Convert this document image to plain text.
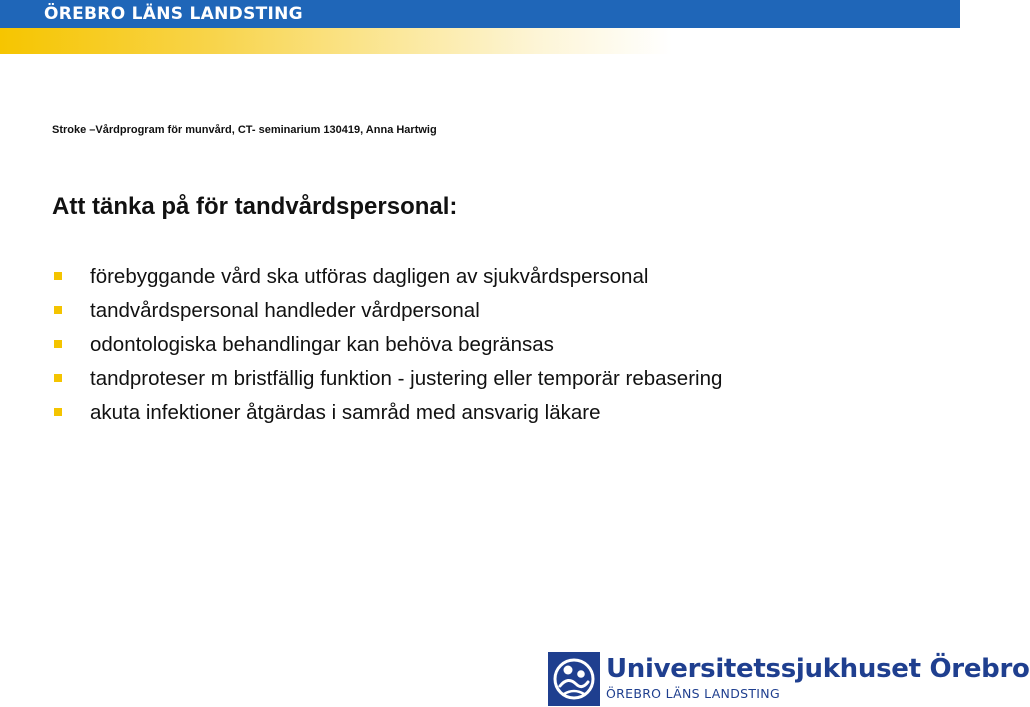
ÖREBRO LÄNS LANDSTING
Stroke –Vårdprogram för munvård, CT- seminarium 130419, Anna Hartwig
Att tänka på för tandvårdspersonal:
förebyggande vård ska utföras dagligen av sjukvårdspersonal
tandvårdspersonal handleder vårdpersonal
odontologiska behandlingar kan behöva begränsas
tandproteser m bristfällig funktion - justering eller temporär rebasering
akuta infektioner åtgärdas i samråd med ansvarig läkare
Universitetssjukhuset Örebro
ÖREBRO LÄNS LANDSTING
